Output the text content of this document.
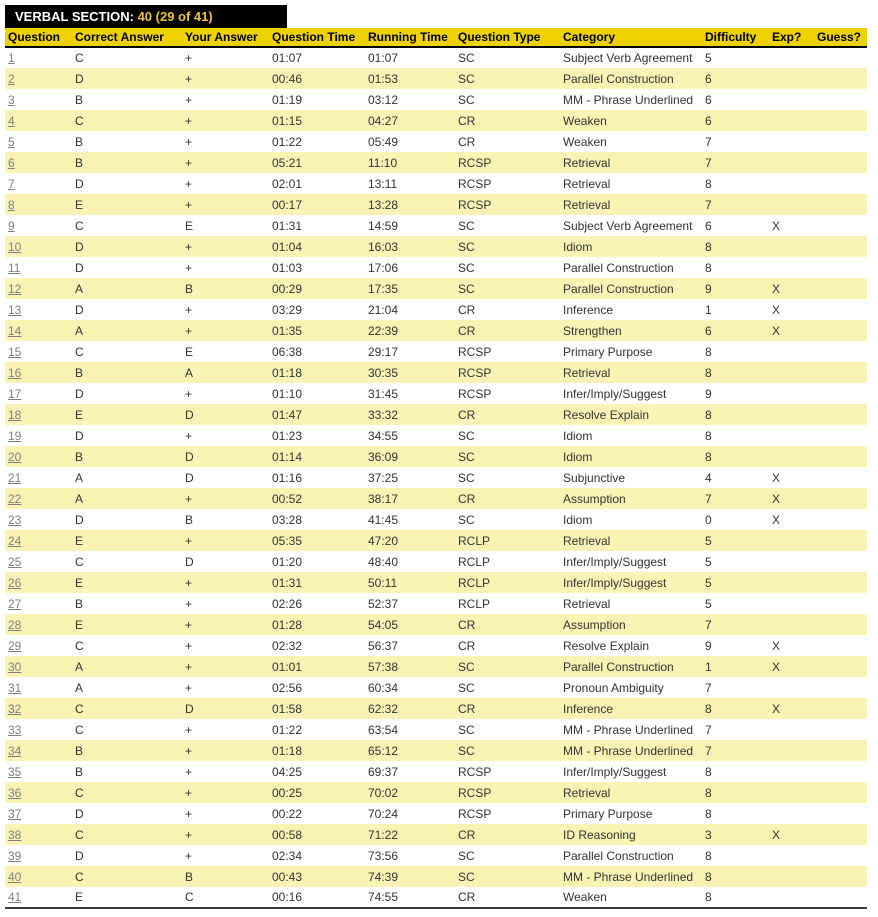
VERBAL SECTION: 40 (29 of 41)
Question	Correct Answer	Your Answer	Question Time	Running Time	Question Type	Category	Difficulty	Exp?	Guess?
1	C	+	01:07	01:07	SC	Subject Verb Agreement	5		
2	D	+	00:46	01:53	SC	Parallel Construction	6		
3	B	+	01:19	03:12	SC	MM - Phrase Underlined	6		
4	C	+	01:15	04:27	CR	Weaken	6		
5	B	+	01:22	05:49	CR	Weaken	7		
6	B	+	05:21	11:10	RCSP	Retrieval	7		
7	D	+	02:01	13:11	RCSP	Retrieval	8		
8	E	+	00:17	13:28	RCSP	Retrieval	7		
9	C	E	01:31	14:59	SC	Subject Verb Agreement	6	X	
10	D	+	01:04	16:03	SC	Idiom	8		
11	D	+	01:03	17:06	SC	Parallel Construction	8		
12	A	B	00:29	17:35	SC	Parallel Construction	9	X	
13	D	+	03:29	21:04	CR	Inference	1	X	
14	A	+	01:35	22:39	CR	Strengthen	6	X	
15	C	E	06:38	29:17	RCSP	Primary Purpose	8		
16	B	A	01:18	30:35	RCSP	Retrieval	8		
17	D	+	01:10	31:45	RCSP	Infer/Imply/Suggest	9		
18	E	D	01:47	33:32	CR	Resolve Explain	8		
19	D	+	01:23	34:55	SC	Idiom	8		
20	B	D	01:14	36:09	SC	Idiom	8		
21	A	D	01:16	37:25	SC	Subjunctive	4	X	
22	A	+	00:52	38:17	CR	Assumption	7	X	
23	D	B	03:28	41:45	SC	Idiom	0	X	
24	E	+	05:35	47:20	RCLP	Retrieval	5		
25	C	D	01:20	48:40	RCLP	Infer/Imply/Suggest	5		
26	E	+	01:31	50:11	RCLP	Infer/Imply/Suggest	5		
27	B	+	02:26	52:37	RCLP	Retrieval	5		
28	E	+	01:28	54:05	CR	Assumption	7		
29	C	+	02:32	56:37	CR	Resolve Explain	9	X	
30	A	+	01:01	57:38	SC	Parallel Construction	1	X	
31	A	+	02:56	60:34	SC	Pronoun Ambiguity	7		
32	C	D	01:58	62:32	CR	Inference	8	X	
33	C	+	01:22	63:54	SC	MM - Phrase Underlined	7		
34	B	+	01:18	65:12	SC	MM - Phrase Underlined	7		
35	B	+	04:25	69:37	RCSP	Infer/Imply/Suggest	8		
36	C	+	00:25	70:02	RCSP	Retrieval	8		
37	D	+	00:22	70:24	RCSP	Primary Purpose	8		
38	C	+	00:58	71:22	CR	ID Reasoning	3	X	
39	D	+	02:34	73:56	SC	Parallel Construction	8		
40	C	B	00:43	74:39	SC	MM - Phrase Underlined	8		
41	E	C	00:16	74:55	CR	Weaken	8		
